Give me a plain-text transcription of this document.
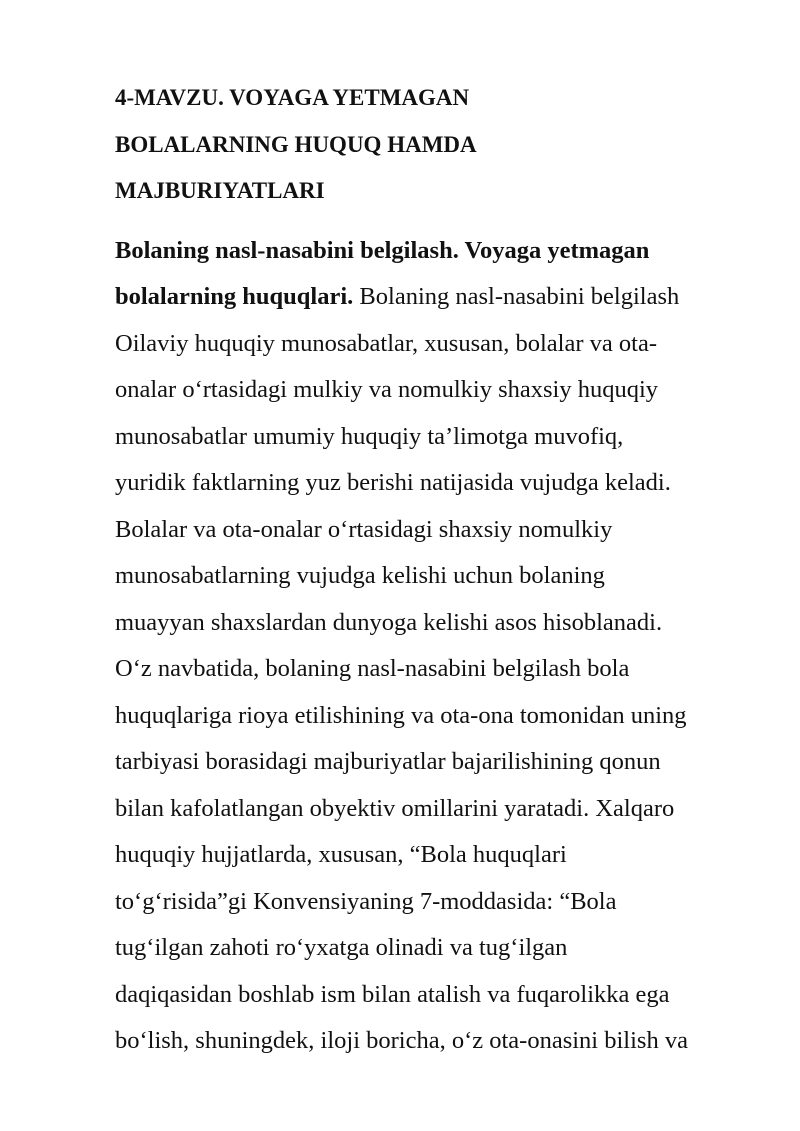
4-MAVZU. VOYAGA YETMAGAN
BOLALARNING HUQUQ HAMDA
MAJBURIYATLARI
Bolaning nasl-nasabini belgilash. Voyaga yetmagan
bolalarning huquqlari. Bolaning nasl-nasabini belgilash
Oilaviy huquqiy munosabatlar, xususan, bolalar va ota-
onalar o‘rtasidagi mulkiy va nomulkiy shaxsiy huquqiy
munosabatlar umumiy huquqiy ta’limotga muvofiq,
yuridik faktlarning yuz berishi natijasida vujudga keladi.
Bolalar va ota-onalar o‘rtasidagi shaxsiy nomulkiy
munosabatlarning vujudga kelishi uchun bolaning
muayyan shaxslardan dunyoga kelishi asos hisoblanadi.
O‘z navbatida, bolaning nasl-nasabini belgilash bola
huquqlariga rioya etilishining va ota-ona tomonidan uning
tarbiyasi borasidagi majburiyatlar bajarilishining qonun
bilan kafolatlangan obyektiv omillarini yaratadi. Xalqaro
huquqiy hujjatlarda, xususan, “Bola huquqlari
to‘g‘risida”gi Konvensiyaning 7-moddasida: “Bola
tug‘ilgan zahoti ro‘yxatga olinadi va tug‘ilgan
daqiqasidan boshlab ism bilan atalish va fuqarolikka ega
bo‘lish, shuningdek, iloji boricha, o‘z ota-onasini bilish va
